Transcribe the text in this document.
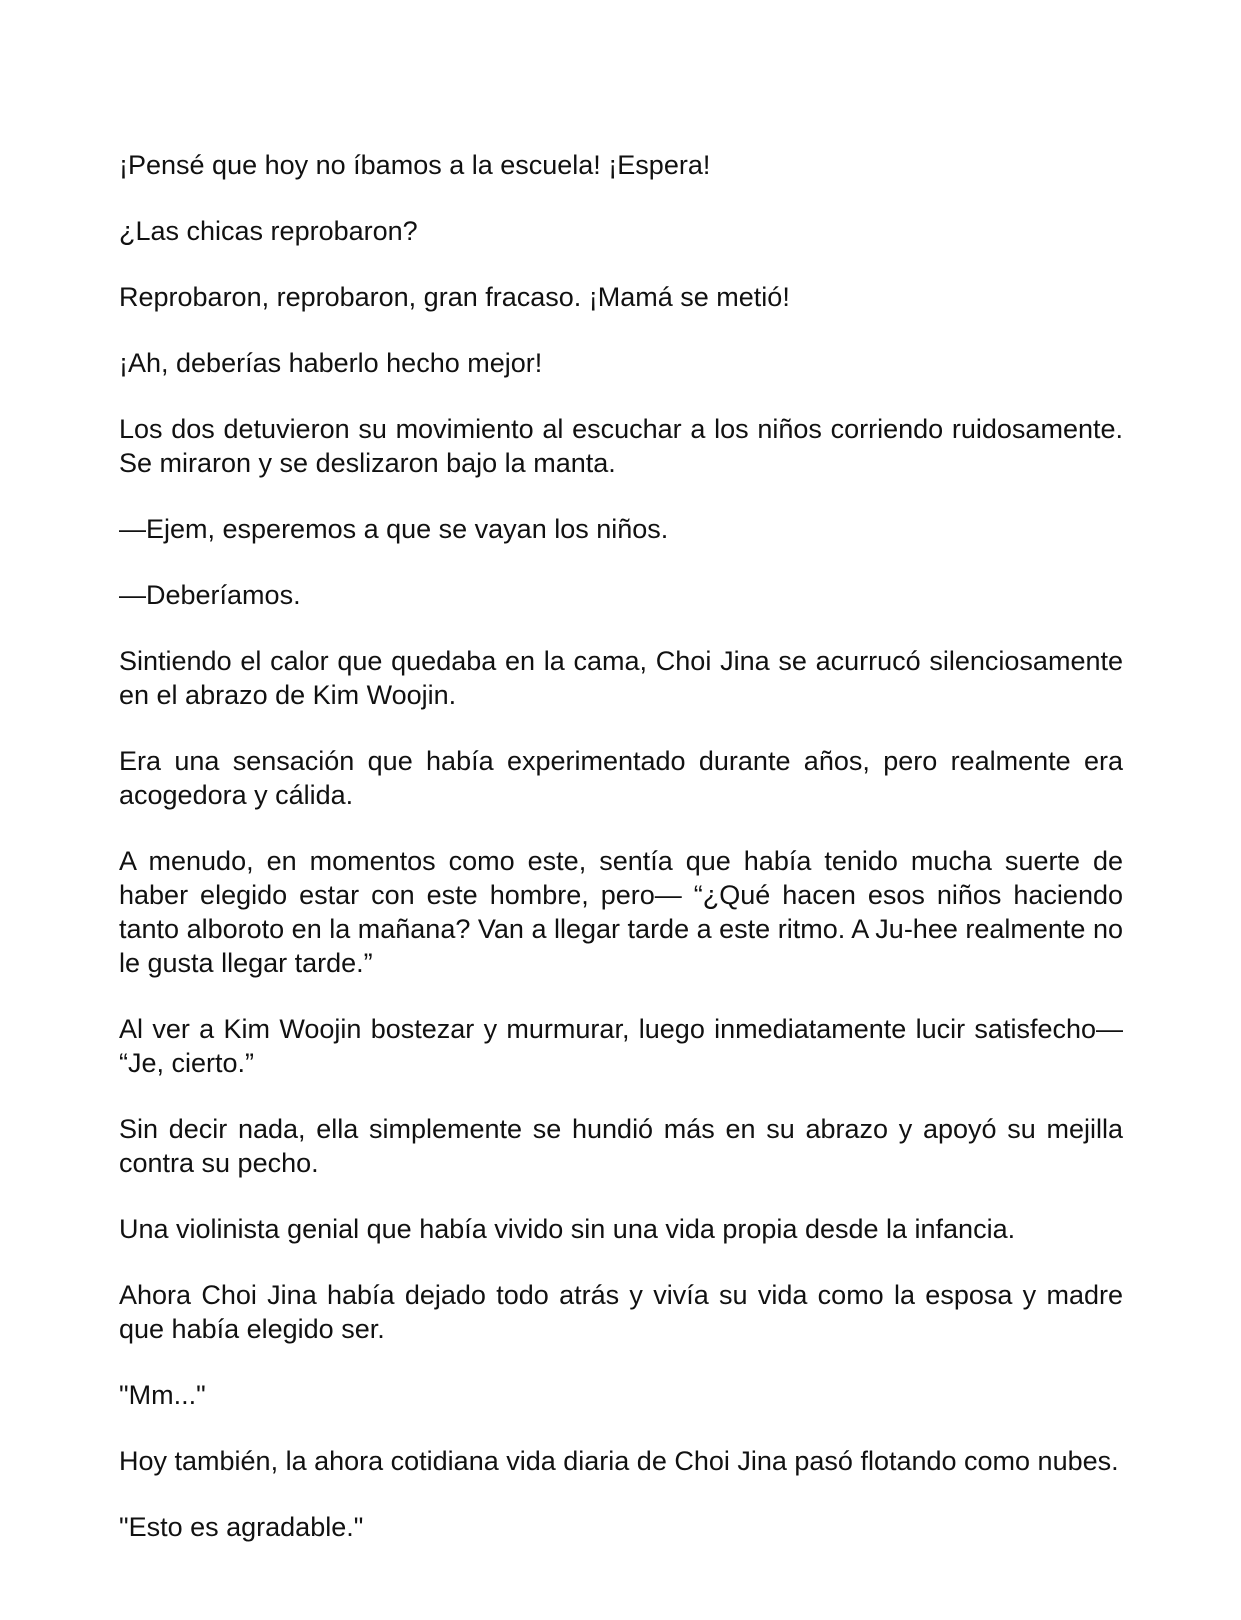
¡Pensé que hoy no íbamos a la escuela! ¡Espera!

¿Las chicas reprobaron?

Reprobaron, reprobaron, gran fracaso. ¡Mamá se metió!

¡Ah, deberías haberlo hecho mejor!

Los dos detuvieron su movimiento al escuchar a los niños corriendo ruidosamente. Se miraron y se deslizaron bajo la manta.

—Ejem, esperemos a que se vayan los niños.

—Deberíamos.

Sintiendo el calor que quedaba en la cama, Choi Jina se acurrucó silenciosamente en el abrazo de Kim Woojin.

Era una sensación que había experimentado durante años, pero realmente era acogedora y cálida.

A menudo, en momentos como este, sentía que había tenido mucha suerte de haber elegido estar con este hombre, pero— “¿Qué hacen esos niños haciendo tanto alboroto en la mañana? Van a llegar tarde a este ritmo. A Ju-hee realmente no le gusta llegar tarde.”

Al ver a Kim Woojin bostezar y murmurar, luego inmediatamente lucir satisfecho— “Je, cierto.”

Sin decir nada, ella simplemente se hundió más en su abrazo y apoyó su mejilla contra su pecho.

Una violinista genial que había vivido sin una vida propia desde la infancia.

Ahora Choi Jina había dejado todo atrás y vivía su vida como la esposa y madre que había elegido ser.

"Mm..."

Hoy también, la ahora cotidiana vida diaria de Choi Jina pasó flotando como nubes.

"Esto es agradable."
